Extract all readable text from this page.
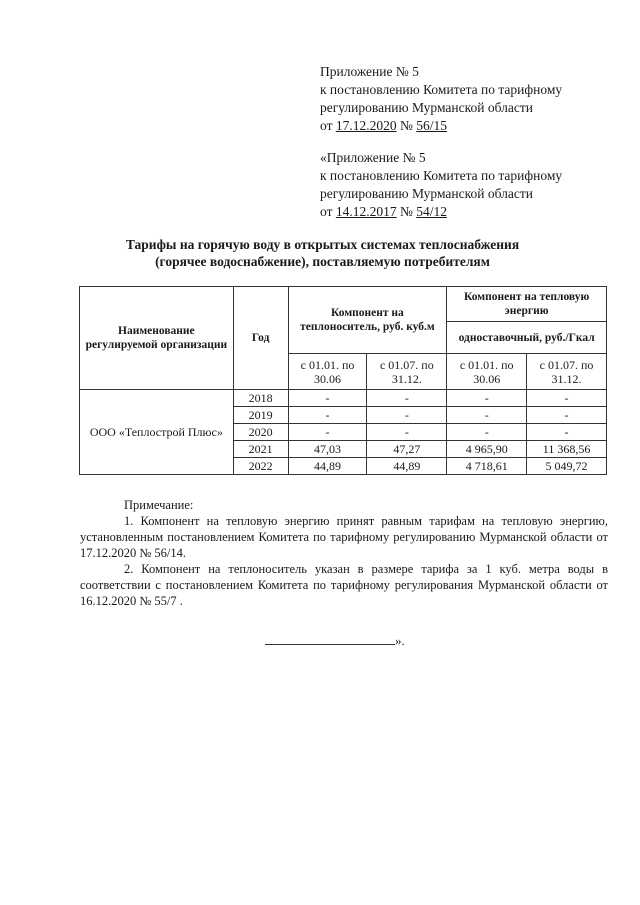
Приложение № 5
к постановлению Комитета по тарифному
регулированию Мурманской области
от 17.12.2020 № 56/15
«Приложение № 5
к постановлению Комитета по тарифному
регулированию Мурманской области
от 14.12.2017 № 54/12
Тарифы на горячую воду в открытых системах теплоснабжения
(горячее водоснабжение), поставляемую потребителям
Наименование регулируемой организации	Год	Компонент на теплоноситель, руб. куб.м		Компонент на тепловую энергию	
				одноставочный, руб./Гкал	
		с 01.01. по 30.06	с 01.07. по 31.12.	с 01.01. по 30.06	с 01.07. по 31.12.
ООО «Теплострой Плюс»	2018	-	-	-	-
	2019	-	-	-	-
	2020	-	-	-	-
	2021	47,03	47,27	4 965,90	11 368,56
	2022	44,89	44,89	4 718,61	5 049,72

Примечание:

1. Компонент на тепловую энергию принят равным тарифам на тепловую энергию, установленным постановлением Комитета по тарифному регулированию Мурманской области от 17.12.2020 № 56/14.

2. Компонент на теплоноситель указан в размере тарифа за 1 куб. метра воды в соответствии с постановлением Комитета по тарифному регулирования Мурманской области от 16.12.2020 № 55/7 .

».
